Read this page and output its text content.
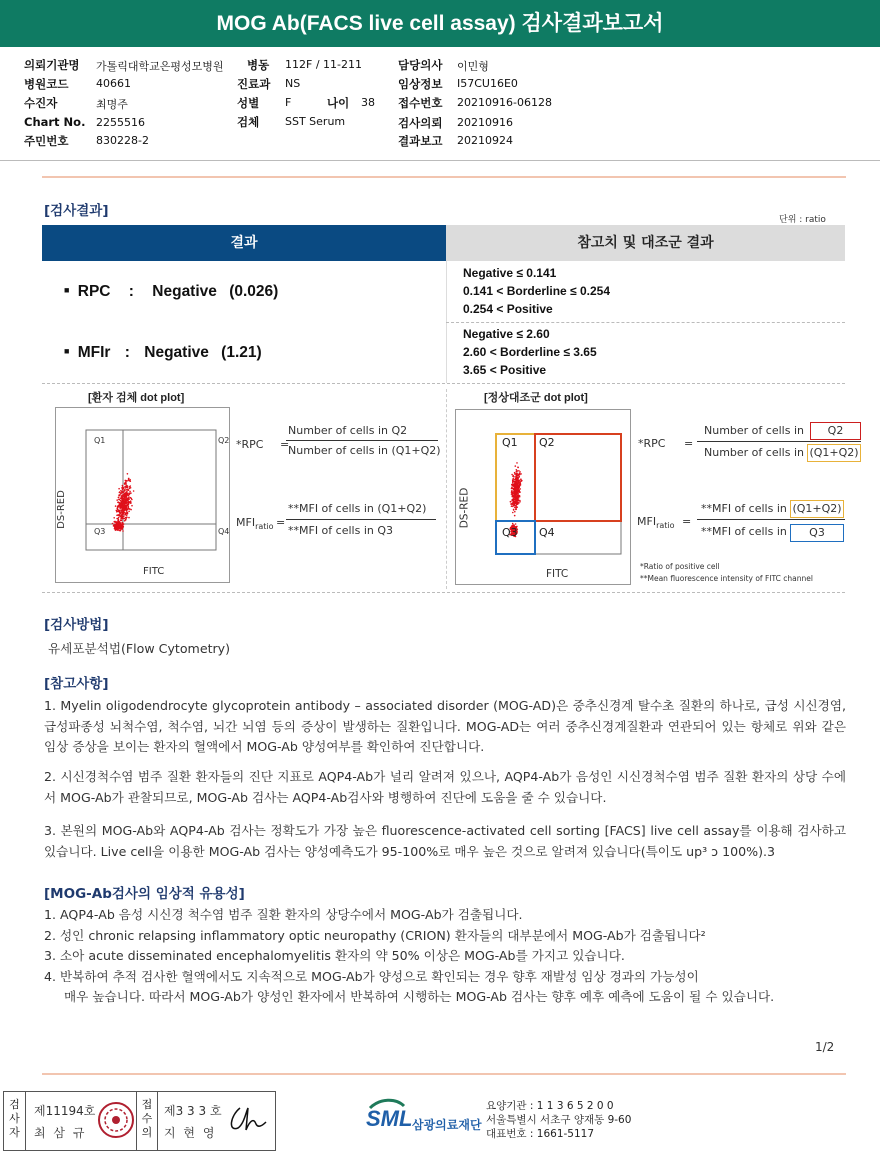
MOG Ab(FACS live cell assay) 검사결과보고서
의뢰기관명 가톨릭대학교은평성모병원 병동 112F / 11-211	담당의사 이민형
병원코드	40661	진료과 NS	임상정보 I57CU16E0
수진자	최명주	성별 F	나이 38 접수번호 20210916-06128
Chart No. 2255516	검체 SST Serum	검사의뢰 20210916
주민번호	830228-2	결과보고 20210924
[검사결과]
단위 : ratio
결과	참고치 및 대조군 결과
■ RPC : Negative (0.026)
Negative ≤ 0.141
0.141 < Borderline ≤ 0.254
0.254 < Positive
■ MFIr : Negative (1.21)
Negative ≤ 2.60
2.60 < Borderline ≤ 3.65
3.65 < Positive
[환자 검체 dot plot]	[정상대조군 dot plot]
Q1	Q2
Q3	Q4
DS-RED
FITC
*RPC =
Number of cells in Q2
Number of cells in (Q1+Q2)
$MFI_{ratio}$ =
**MFI of cells in (Q1+Q2)
**MFI of cells in Q3
Q1 Q2
Q3 Q4
DS-RED
FITC
*RPC =
Number of cells in	Q2
Number of cells in (Q1+Q2)
$MFI_{ratio}$ =
**MFI of cells in (Q1+Q2)
**MFI of cells in	Q3
*Ratio of positive cell
**Mean fluorescence intensity of FITC channel
[검사방법]
유세포분석법(Flow Cytometry)
[참고사항]
1. Myelin oligodendrocyte glycoprotein antibody – associated disorder (MOG-AD)은 중추신경계 탈수초 질환의 하나로, 급성 시신경염,급성파종성 뇌척수염, 척수염, 뇌간 뇌염 등의 증상이 발생하는 질환입니다. MOG-AD는 여러 중추신경계질환과 연관되어 있는 항체로 위와 같은 임상 증상을 보이는 환자의 혈액에서 MOG-Ab 양성여부를 확인하여 진단합니다.
2. 시신경척수염 범주 질환 환자들의 진단 지표로 AQP4-Ab가 널리 알려져 있으나, AQP4-Ab가 음성인 시신경척수염 범주 질환 환자의 상당 수에서 MOG-Ab가 관찰되므로, MOG-Ab 검사는 AQP4-Ab검사와 병행하여 진단에 도움을 줄 수 있습니다.
3. 본원의 MOG-Ab와 AQP4-Ab 검사는 정확도가 가장 높은 fluorescence-activated cell sorting [FACS] live cell assay를 이용해 검사하고 있습니다. Live cell을 이용한 MOG-Ab 검사는 양성예측도가 95-100%로 매우 높은 것으로 알려져 있습니다(특이도 up³ ɔ 100%).3
[MOG-Ab검사의 임상적 유용성]
1. AQP4-Ab 음성 시신경 척수염 범주 질환 환자의 상당수에서 MOG-Ab가 검출됩니다.
2. 성인 chronic relapsing inflammatory optic neuropathy (CRION) 환자들의 대부분에서 MOG-Ab가 검출됩니다²
3. 소아 acute disseminated encephalomyelitis 환자의 약 50% 이상은 MOG-Ab를 가지고 있습니다.
4. 반복하여 추적 검사한 혈액에서도 지속적으로 MOG-Ab가 양성으로 확인되는 경우 향후 재발성 임상 경과의 가능성이
매우 높습니다. 따라서 MOG-Ab가 양성인 환자에서 반복하여 시행하는 MOG-Ab 검사는 향후 예후 예측에 도움이 될 수 있습니다.
1/2
검사자
제11194호
최 삼 규
접수의
제3 3 3 호
지 현 영
SML 삼광의료재단
요양기관 : 1 1 3 6 5 2 0 0
서울특별시 서초구 양재동 9-60
대표번호 : 1661-5117
